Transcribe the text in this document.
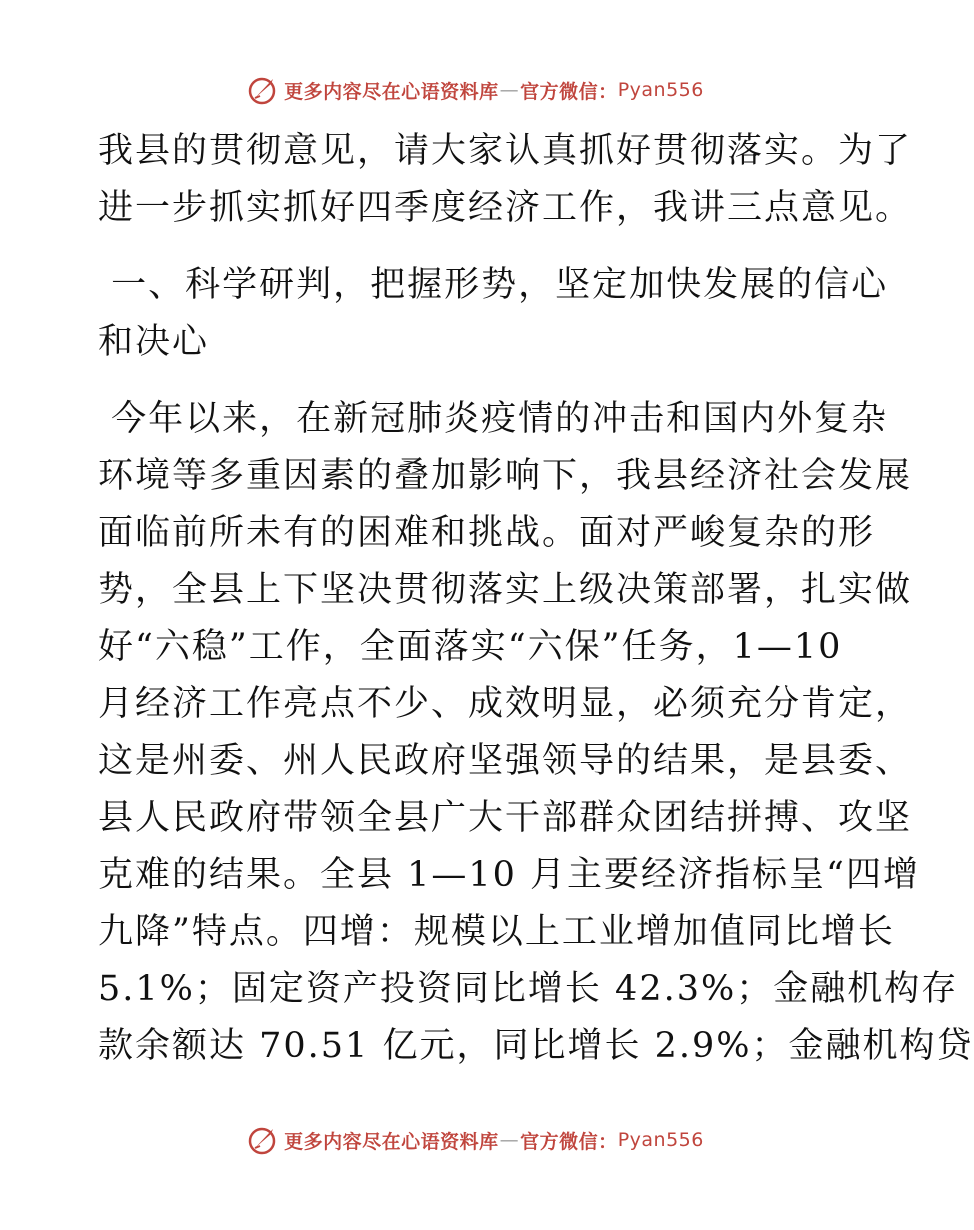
更多内容尽在心语资料库 — 官方微信： Pyan556
我县的贯彻意见，请大家认真抓好贯彻落实。为了
进一步抓实抓好四季度经济工作，我讲三点意见。
一、科学研判，把握形势，坚定加快发展的信心
和决心
今年以来，在新冠肺炎疫情的冲击和国内外复杂
环境等多重因素的叠加影响下，我县经济社会发展
面临前所未有的困难和挑战。面对严峻复杂的形
势，全县上下坚决贯彻落实上级决策部署，扎实做
好“六稳”工作，全面落实“六保”任务，1—10
月经济工作亮点不少、成效明显，必须充分肯定，
这是州委、州人民政府坚强领导的结果，是县委、
县人民政府带领全县广大干部群众团结拼搏、攻坚
克难的结果。全县 1—10 月主要经济指标呈“四增
九降”特点。四增：规模以上工业增加值同比增长
5.1%；固定资产投资同比增长 42.3%；金融机构存
款余额达 70.51 亿元，同比增长 2.9%；金融机构贷
更多内容尽在心语资料库 — 官方微信： Pyan556
